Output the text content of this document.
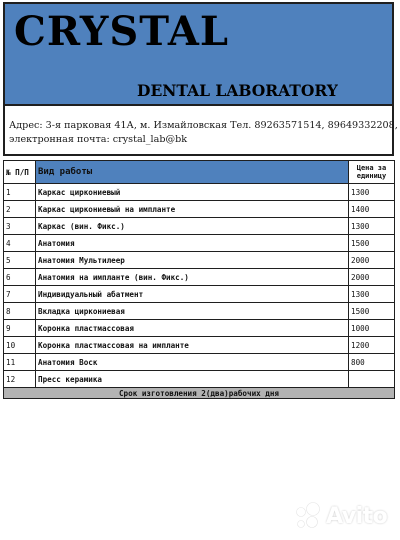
CRYSTAL
DENTAL LABORATORY
Адрес: 3-я парковая 41А, м. Измайловская Тел. 89263571514, 89649332208,
электронная почта: crystal_lab@bk
№ П/П	Вид работы	Цена за единицу
1	Каркас циркониевый	1300
2	Каркас циркониевый на импланте	1400
3	Каркас (вин. Фикс.)	1300
4	Анатомия	1500
5	Анатомия Мультилеер	2000
6	Анатомия на импланте (вин. Фикс.)	2000
7	Индивидуальный абатмент	1300
8	Вкладка циркониевая	1500
9	Коронка пластмассовая	1000
10	Коронка пластмассовая на импланте	1200
11	Анатомия Воск	800
12	Пресс керамика	
Срок изготовления 2(два)рабочих дня		
Avito
